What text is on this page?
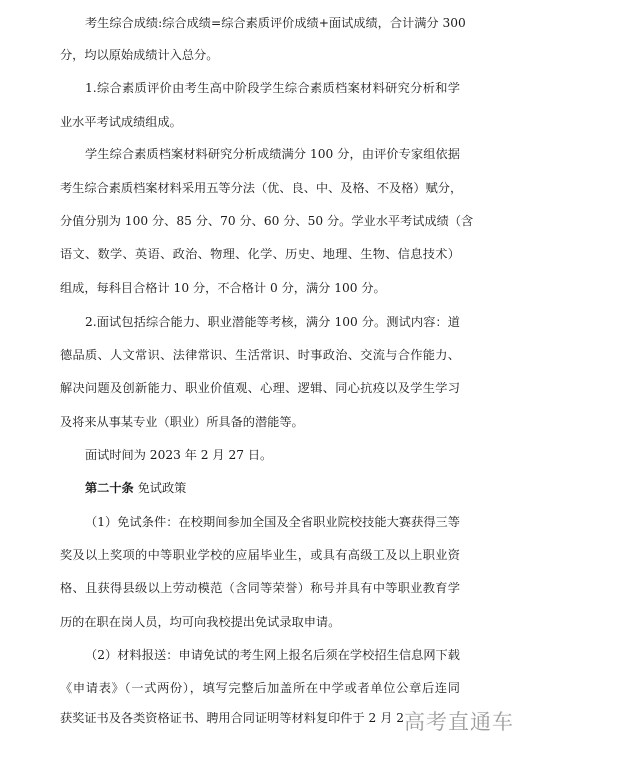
考生综合成绩:综合成绩=综合素质评价成绩+面试成绩，合计满分 300
分，均以原始成绩计入总分。
1.综合素质评价由考生高中阶段学生综合素质档案材料研究分析和学
业水平考试成绩组成。
学生综合素质档案材料研究分析成绩满分 100 分，由评价专家组依据
考生综合素质档案材料采用五等分法（优、良、中、及格、不及格）赋分，
分值分别为 100 分、85 分、70 分、60 分、50 分。学业水平考试成绩（含
语文、数学、英语、政治、物理、化学、历史、地理、生物、信息技术）
组成，每科目合格计 10 分，不合格计 0 分，满分 100 分。
2.面试包括综合能力、职业潜能等考核，满分 100 分。测试内容：道
德品质、人文常识、法律常识、生活常识、时事政治、交流与合作能力、
解决问题及创新能力、职业价值观、心理、逻辑、同心抗疫以及学生学习
及将来从事某专业（职业）所具备的潜能等。
面试时间为 2023 年 2 月 27 日。
第二十条 免试政策
（1）免试条件：在校期间参加全国及全省职业院校技能大赛获得三等
奖及以上奖项的中等职业学校的应届毕业生，或具有高级工及以上职业资
格、且获得县级以上劳动模范（含同等荣誉）称号并具有中等职业教育学
历的在职在岗人员，均可向我校提出免试录取申请。
（2）材料报送：申请免试的考生网上报名后须在学校招生信息网下载
《申请表》（一式两份），填写完整后加盖所在中学或者单位公章后连同
获奖证书及各类资格证书、聘用合同证明等材料复印件于 2 月 2 高考直通车
